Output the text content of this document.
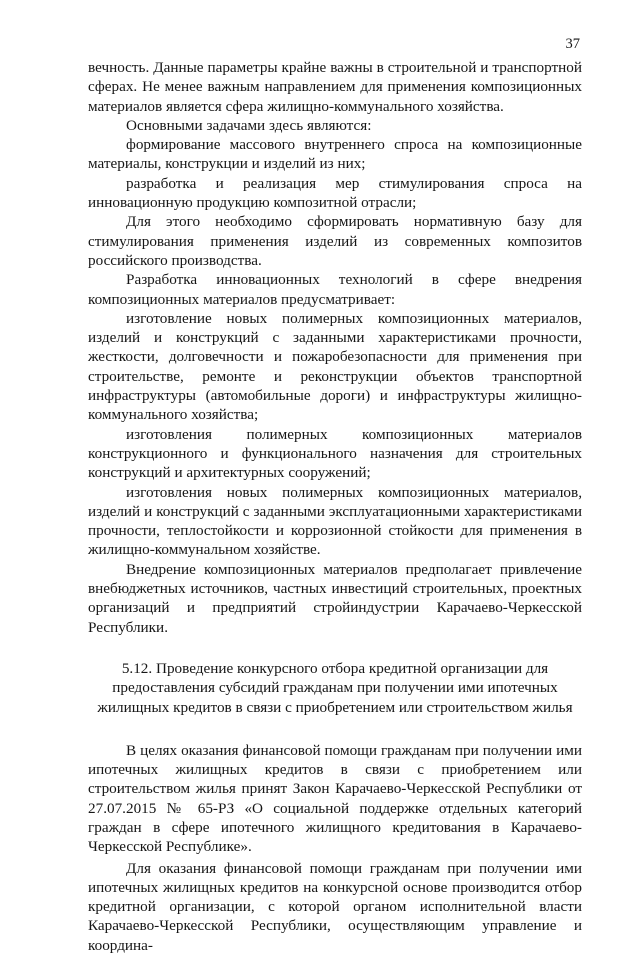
37

вечность. Данные параметры крайне важны в строительной и транспортной сферах. Не менее важным направлением для применения композиционных материалов является сфера жилищно-коммунального хозяйства.

Основными задачами здесь являются:

формирование массового внутреннего спроса на композиционные материалы, конструкции и изделий из них;

разработка и реализация мер стимулирования спроса на инновационную продукцию композитной отрасли;

Для этого необходимо сформировать нормативную базу для стимулирования применения изделий из современных композитов российского производства.

Разработка инновационных технологий в сфере внедрения композиционных материалов предусматривает:

изготовление новых полимерных композиционных материалов, изделий и конструкций с заданными характеристиками прочности, жесткости, долговечности и пожаробезопасности для применения при строительстве, ремонте и реконструкции объектов транспортной инфраструктуры (автомобильные дороги) и инфраструктуры жилищно-коммунального хозяйства;

изготовления полимерных композиционных материалов конструкционного и функционального назначения для строительных конструкций и архитектурных сооружений;

изготовления новых полимерных композиционных материалов, изделий и конструкций с заданными эксплуатационными характеристиками прочности, теплостойкости и коррозионной стойкости для применения в жилищно-коммунальном хозяйстве.

Внедрение композиционных материалов предполагает привлечение внебюджетных источников, частных инвестиций строительных, проектных организаций и предприятий стройиндустрии Карачаево-Черкесской Республики.

5.12. Проведение конкурсного отбора кредитной организации для предоставления субсидий гражданам при получении ими ипотечных жилищных кредитов в связи с приобретением или строительством жилья

В целях оказания финансовой помощи гражданам при получении ими ипотечных жилищных кредитов в связи с приобретением или строительством жилья принят Закон Карачаево-Черкесской Республики от 27.07.2015 № 65-РЗ «О социальной поддержке отдельных категорий граждан в сфере ипотечного жилищного кредитования в Карачаево-Черкесской Республике».

Для оказания финансовой помощи гражданам при получении ими ипотечных жилищных кредитов на конкурсной основе производится отбор кредитной организации, с которой органом исполнительной власти Карачаево-Черкесской Республики, осуществляющим управление и координа-
